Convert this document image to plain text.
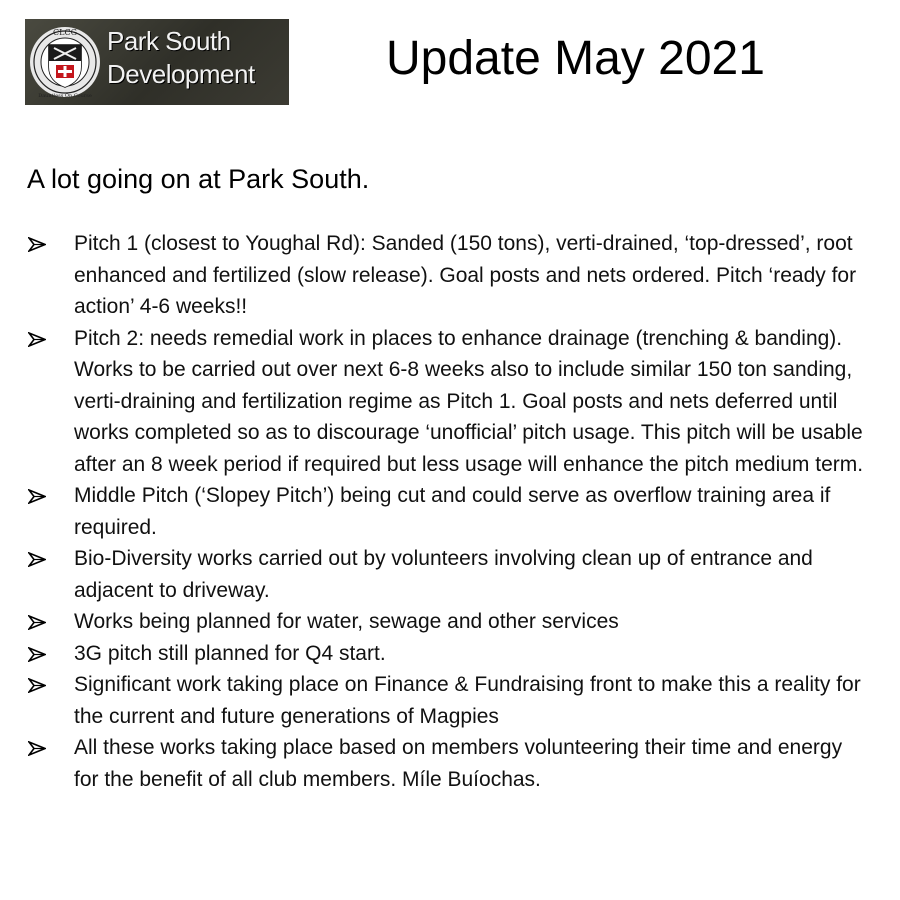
CLCG
Dauntless On Course
Park South
Development	Update May 2021
A lot going on at Park South.
Pitch 1 (closest to Youghal Rd): Sanded (150 tons), verti-drained, ‘top-dressed’, root enhanced and fertilized (slow release). Goal posts and nets ordered. Pitch ‘ready for action’ 4-6 weeks!!
Pitch 2: needs remedial work in places to enhance drainage (trenching & banding). Works to be carried out over next 6-8 weeks also to include similar 150 ton sanding, verti-draining and fertilization regime as Pitch 1. Goal posts and nets deferred until works completed so as to discourage ‘unofficial’ pitch usage. This pitch will be usable after an 8 week period if required but less usage will enhance the pitch medium term.
Middle Pitch (‘Slopey Pitch’) being cut and could serve as overflow training area if required.
Bio-Diversity works carried out by volunteers involving clean up of entrance and adjacent to driveway.
Works being planned for water, sewage and other services
3G pitch still planned for Q4 start.
Significant work taking place on Finance & Fundraising front to make this a reality for the current and future generations of Magpies
All these works taking place based on members volunteering their time and energy for the benefit of all club members. Míle Buíochas.
